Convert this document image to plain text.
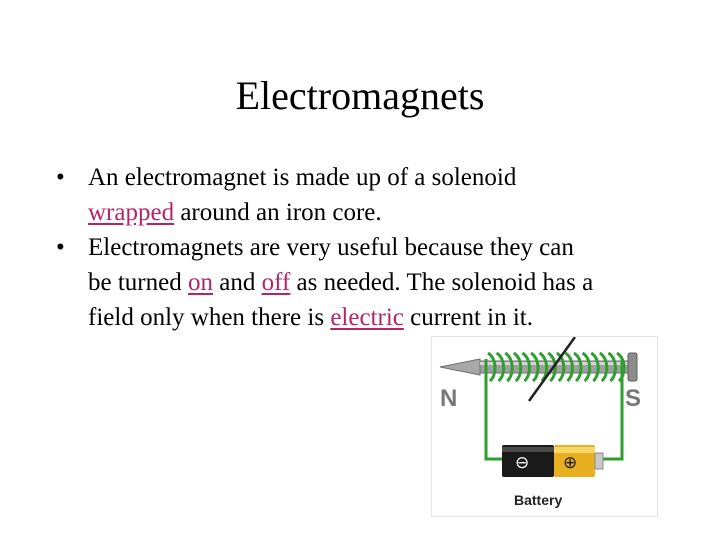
Electromagnets
• An electromagnet is made up of a solenoid
wrapped around an iron core.
• Electromagnets are very useful because they can
be turned on and off as needed. The solenoid has a
field only when there is electric current in it.
N	S
⊖ ⊕
Battery
